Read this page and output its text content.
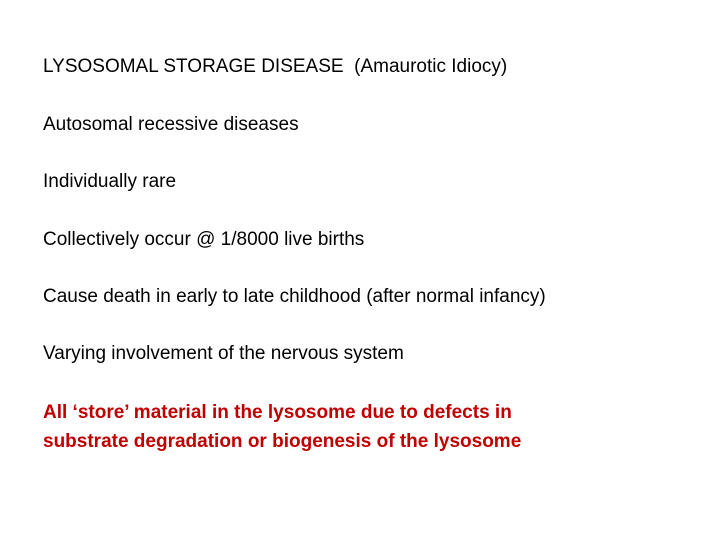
LYSOSOMAL STORAGE DISEASE (Amaurotic Idiocy)
Autosomal recessive diseases
Individually rare
Collectively occur @ 1/8000 live births
Cause death in early to late childhood (after normal infancy)
Varying involvement of the nervous system
All ‘store’ material in the lysosome due to defects in
substrate degradation or biogenesis of the lysosome
